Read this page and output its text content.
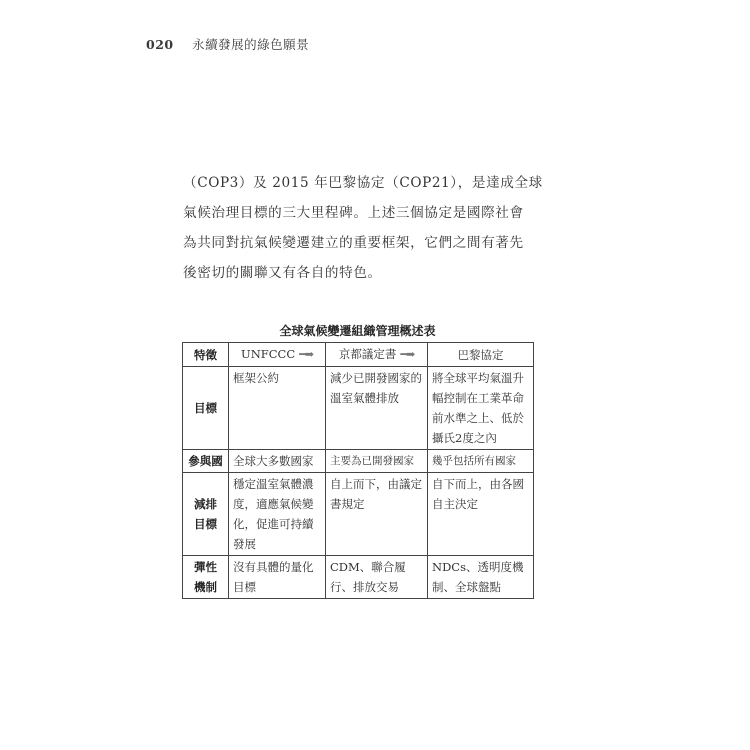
020 永續發展的綠色願景
（COP3）及 2015 年巴黎協定（COP21），是達成全球
氣候治理目標的三大里程碑。上述三個協定是國際社會
為共同對抗氣候變遷建立的重要框架，它們之間有著先
後密切的關聯又有各自的特色。
全球氣候變遷組織管理概述表
特徵	UNFCCC ━➡	京都議定書 ━➡	巴黎協定

目標	框架公約	減少已開發國家的溫室氣體排放	將全球平均氣溫升幅控制在工業革命前水準之上、低於攝氏2度之內

參與國	全球大多數國家	主要為已開發國家	幾乎包括所有國家

減排
目標	穩定溫室氣體濃度，適應氣候變化，促進可持續發展	自上而下，由議定書規定	自下而上，由各國自主決定

彈性
機制	沒有具體的量化目標	CDM、聯合履行、排放交易	NDCs、透明度機制、全球盤點
